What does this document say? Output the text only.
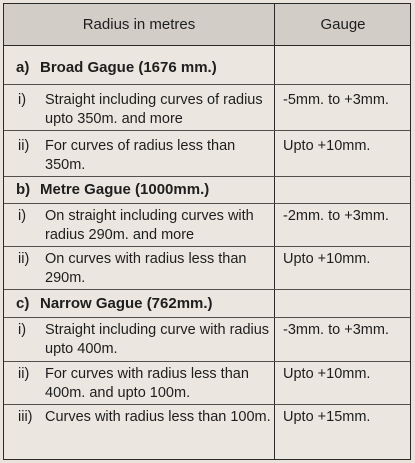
Radius in metres	Gauge
a) Broad Gague (1676 mm.)
i) Straight including curves of radius upto 350m. and more
-5mm. to +3mm.
ii) For curves of radius less than 350m.
Upto +10mm.
b) Metre Gague (1000mm.)
i) On straight including curves with radius 290m. and more
-2mm. to +3mm.
ii) On curves with radius less than 290m.
Upto +10mm.
c) Narrow Gague (762mm.)
i) Straight including curve with radius upto 400m.
-3mm. to +3mm.
ii) For curves with radius less than 400m. and upto 100m.
Upto +10mm.
iii) Curves with radius less than 100m. Upto +15mm.
